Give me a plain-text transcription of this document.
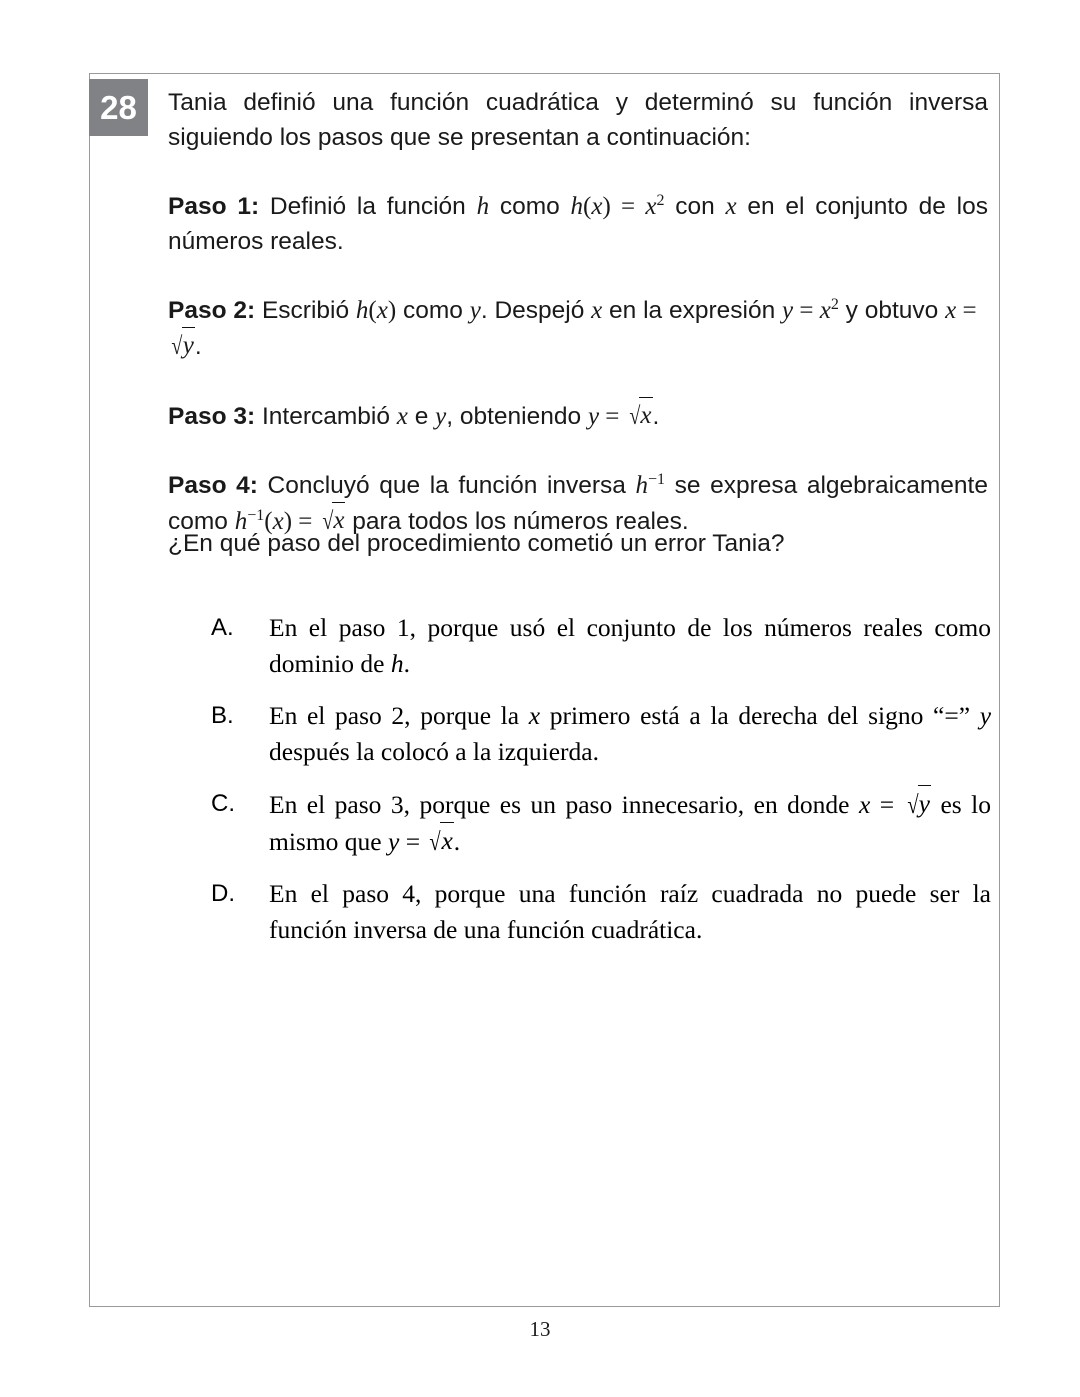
28	Tania definió una función cuadrática y determinó su función inversa siguiendo los pasos que se presentan a continuación:

Paso 1: Definió la función h como $h(x) = x^2$ con x en el conjunto de los números reales.

Paso 2: Escribió h(x) como y. Despejó x en la expresión $y = x^2$ y obtuvo x = √y.

Paso 3: Intercambió x e y, obteniendo y = √x.

Paso 4: Concluyó que la función inversa $h^{-1}$ se expresa algebraicamente como $h^{-1}(x) = √x$ para todos los números reales.

¿En qué paso del procedimiento cometió un error Tania?
A.	En el paso 1, porque usó el conjunto de los números reales como dominio de h.
B.	En el paso 2, porque la x primero está a la derecha del signo “=” y después la colocó a la izquierda.
C.	En el paso 3, porque es un paso innecesario, en donde x = √y es lo mismo que y = √x.
D.	En el paso 4, porque una función raíz cuadrada no puede ser la función inversa de una función cuadrática.
13
